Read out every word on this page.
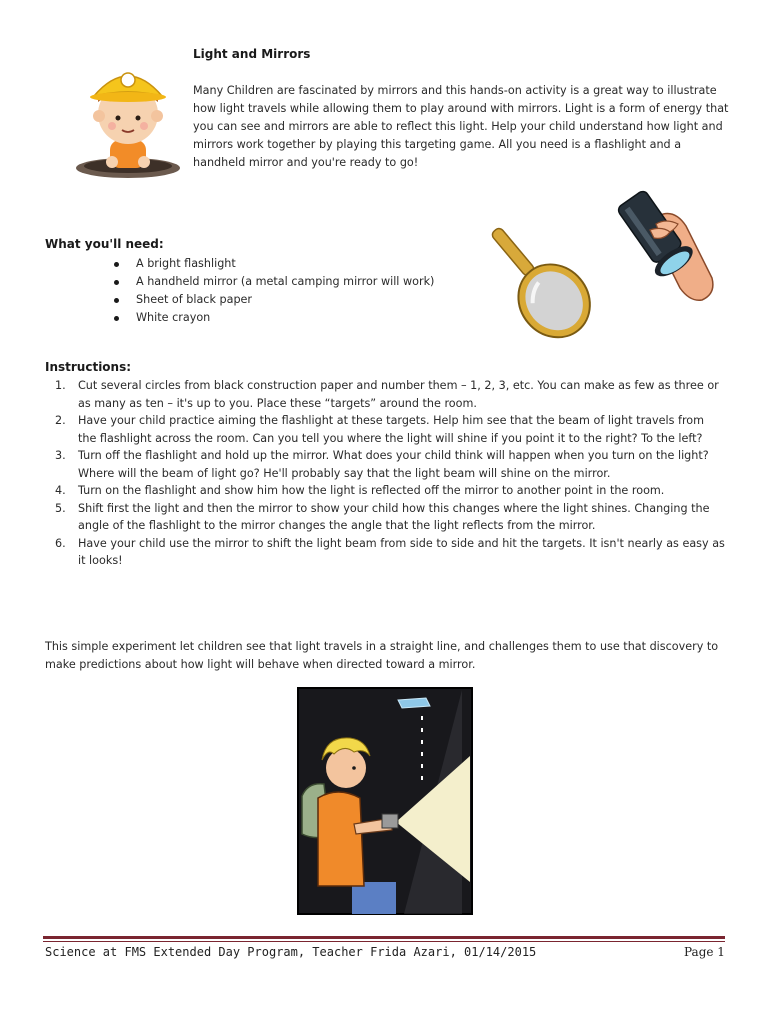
Light and Mirrors
Many Children are fascinated by mirrors and this hands-on activity is a great way to illustrate how light travels while allowing them to play around with mirrors. Light is a form of energy that you can see and mirrors are able to reflect this light. Help your child understand how light and mirrors work together by playing this targeting game. All you need is a flashlight and a handheld mirror and you're ready to go!
What you'll need:
A bright flashlight
A handheld mirror (a metal camping mirror will work)
Sheet of black paper
White crayon
Instructions:
1. Cut several circles from black construction paper and number them – 1, 2, 3, etc. You can make as few as three or as many as ten – it's up to you. Place these “targets” around the room.
2. Have your child practice aiming the flashlight at these targets. Help him see that the beam of light travels from the flashlight across the room. Can you tell you where the light will shine if you point it to the right? To the left?
3. Turn off the flashlight and hold up the mirror. What does your child think will happen when you turn on the light? Where will the beam of light go? He'll probably say that the light beam will shine on the mirror.
4. Turn on the flashlight and show him how the light is reflected off the mirror to another point in the room.
5. Shift first the light and then the mirror to show your child how this changes where the light shines. Changing the angle of the flashlight to the mirror changes the angle that the light reflects from the mirror.
6. Have your child use the mirror to shift the light beam from side to side and hit the targets. It isn't nearly as easy as it looks!
This simple experiment let children see that light travels in a straight line, and challenges them to use that discovery to make predictions about how light will behave when directed toward a mirror.
Science at FMS Extended Day Program, Teacher Frida Azari, 01/14/2015	Page 1
